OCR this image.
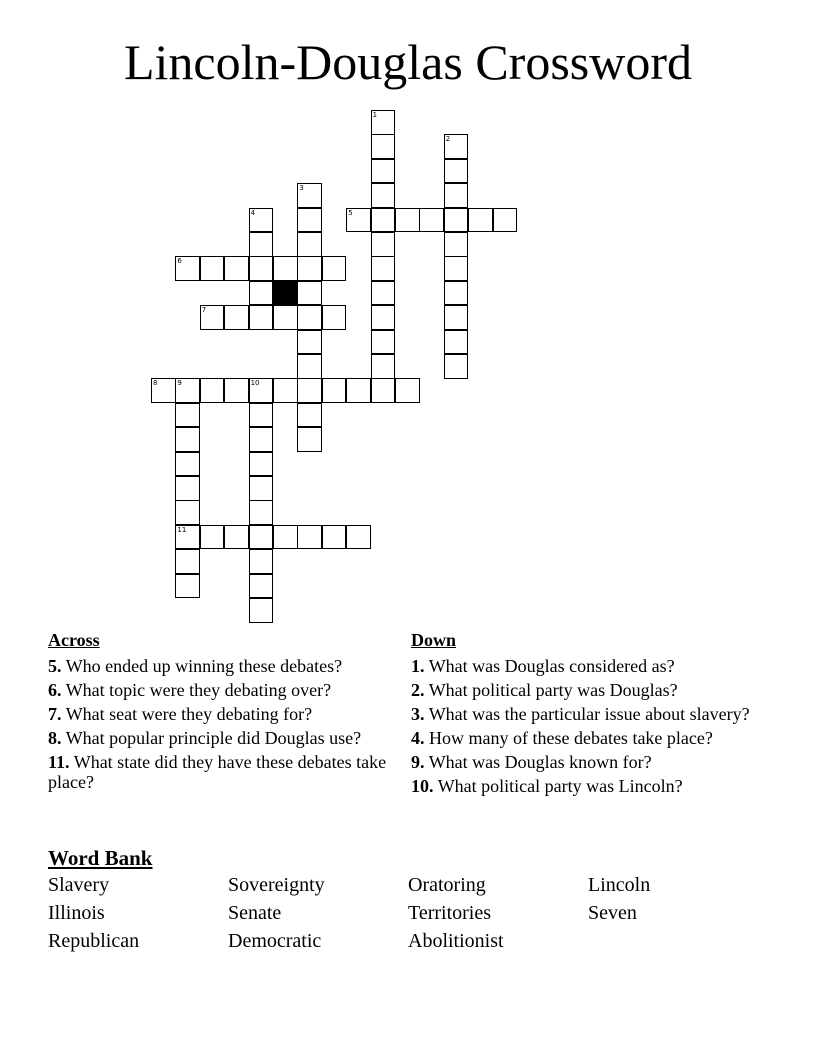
Lincoln-Douglas Crossword
1
2
3
4	5
6
7
8	9	10
11
Across
5. Who ended up winning these debates?
6. What topic were they debating over?
7. What seat were they debating for?
8. What popular principle did Douglas use?
11. What state did they have these debates take place?
Down
1. What was Douglas considered as?
2. What political party was Douglas?
3. What was the particular issue about slavery?
4. How many of these debates take place?
9. What was Douglas known for?
10. What political party was Lincoln?
Word Bank
Slavery	Sovereignty	Oratoring	Lincoln
Illinois	Senate	Territories	Seven
Republican	Democratic	Abolitionist
